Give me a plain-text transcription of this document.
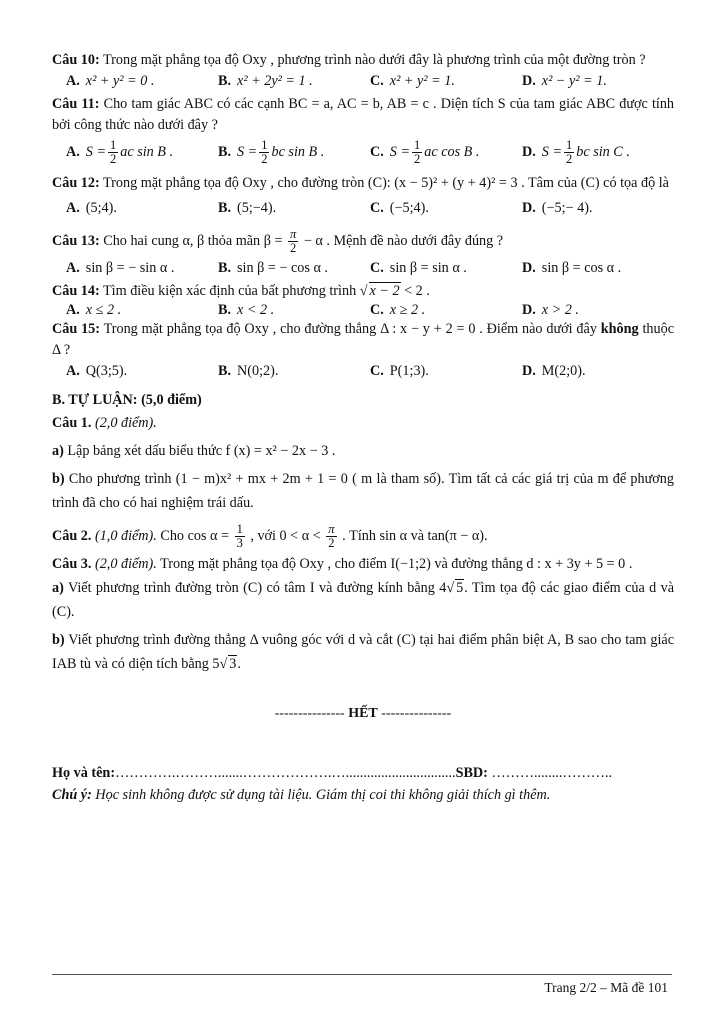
Câu 10: Trong mặt phẳng tọa độ Oxy , phương trình nào dưới đây là phương trình của một đường tròn ?

A. x² + y² = 0 .	B. x² + 2y² = 1 .	C. x² + y² = 1.	D. x² − y² = 1.

Câu 11: Cho tam giác ABC có các cạnh BC = a, AC = b, AB = c . Diện tích S của tam giác ABC được tính bởi công thức nào dưới đây ?

A. $S = \frac{1}{2}$ ac sin B .	B. $S = \frac{1}{2}$ bc sin B .	C. $S = \frac{1}{2}$ ac cos B .	D. $S = \frac{1}{2}$ bc sin C .

Câu 12: Trong mặt phẳng tọa độ Oxy , cho đường tròn (C): (x − 5)² + (y + 4)² = 3 . Tâm của (C) có tọa độ là

A. (5;4).	B. (5;−4).	C. (−5;4).	D. (−5;− 4).

Câu 13: Cho hai cung α, β thỏa mãn $\beta = \frac{\pi}{2} - \alpha$ . Mệnh đề nào dưới đây đúng ?

A. sin β = − sin α .	B. sin β = − cos α .	C. sin β = sin α .	D. sin β = cos α .

Câu 14: Tìm điều kiện xác định của bất phương trình √ x − 2 < 2 .

A. x ≤ 2 .	B. x < 2 .	C. x ≥ 2 .	D. x > 2 .

Câu 15: Trong mặt phẳng tọa độ Oxy , cho đường thẳng Δ : x − y + 2 = 0 . Điểm nào dưới đây không thuộc Δ ?

A. Q(3;5).	B. N(0;2).	C. P(1;3).	D. M(2;0).
B. TỰ LUẬN: (5,0 điểm)
Câu 1. (2,0 điểm).
a) Lập bảng xét dấu biểu thức f (x) = x² − 2x − 3 .
b) Cho phương trình (1 − m)x² + mx + 2m + 1 = 0 ( m là tham số). Tìm tất cả các giá trị của m để phương trình đã cho có hai nghiệm trái dấu.
Câu 2. (1,0 điểm). Cho $\cos \alpha = \frac{1}{3}$ , với $0 < \alpha < \frac{\pi}{2}$ . Tính sin α và tan(π − α).
Câu 3. (2,0 điểm). Trong mặt phẳng tọa độ Oxy , cho điểm I(−1;2) và đường thẳng d : x + 3y + 5 = 0 .
a) Viết phương trình đường tròn (C) có tâm I và đường kính bằng 4√ 5. Tìm tọa độ các giao điểm của d và (C).
b) Viết phương trình đường thẳng Δ vuông góc với d và cắt (C) tại hai điểm phân biệt A, B sao cho tam giác IAB tù và có diện tích bằng 5√ 3.
--------------- HẾT ---------------
Họ và tên:………….……….......……………….…...............................SBD: ………........………..
Chú ý: Học sinh không được sử dụng tài liệu. Giám thị coi thi không giải thích gì thêm.
Trang 2/2 – Mã đề 101
